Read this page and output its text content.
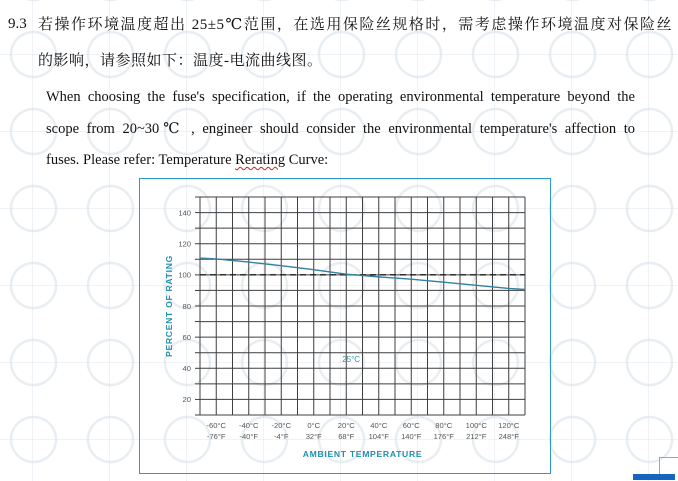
9.3 若操作环境温度超出 25±5℃范围，在选用保险丝规格时，需考虑操作环境温度对保险丝
的影响，请参照如下：温度-电流曲线图。
When choosing the fuse's specification, if the operating environmental temperature beyond the
scope from 20~30℃ , engineer should consider the environmental temperature's affection to
fuses. Please refer: Temperature Rerating Curve:
20
40
60
80
100
120
140
-60°C
-76°F
-40°C
-40°F
-20°C
-4°F
0°C
32°F
20°C
68°F
40°C
104°F
60°C
140°F
80°C
176°F
100°C
212°F
120°C
248°F
25°C
AMBIENT TEMPERATURE
PERCENT OF RATING
